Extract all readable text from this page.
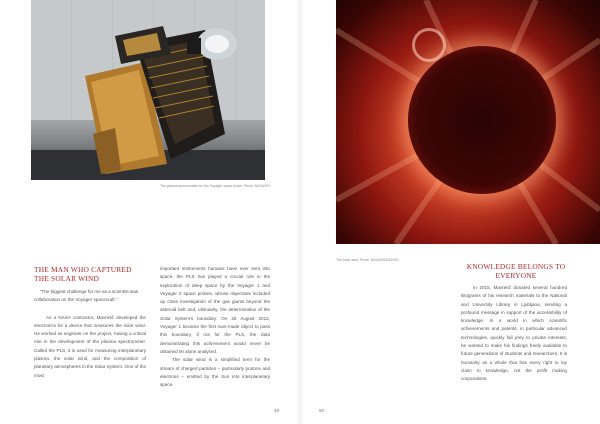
The plasma spectrometer for the Voyager space probe. Photo: NASA/JPL
The solar wind. Photo: NASA/ESA/SOHO
THE MAN WHO CAPTURED THE SOLAR WIND

“The biggest challenge for me as a scientist was collaboration on the Voyager spacecraft.”

As a NASA contractor, Mavretič developed the electronics for a device that measures the solar wind. He worked as engineer on the project, having a critical role in the development of the plasma spectrometer. Called the PLS, it is used for measuring interplanetary plasma, the solar wind, and the composition of planetary atmospheres in the Solar System. One of the most

important instruments humans have ever sent into space, the PLS has played a crucial role in the exploration of deep space by the Voyager 1 and Voyager 2 space probes, whose objectives included up close investigation of the gas giants beyond the asteroid belt and, ultimately, the determination of the Solar System's boundary. On 25 August 2012, Voyager 1 became the first man-made object to pass this boundary, if not for the PLS, the data demonstrating this achievement would never be obtained let alone analysed.

The solar wind is a simplified term for the stream of charged particles – particularly protons and electrons – emitted by the Sun into interplanetary space.

49
KNOWLEDGE BELONGS TO EVERYONE

In 2015, Mavretič donated several hundred kilograms of his research materials to the National and University Library in Ljubljana, sending a profound message in support of the accessibility of knowledge. In a world in which scientific achievements and patents, in particular advanced technologies, quickly fall prey to private interests, he wanted to make his findings freely available to future generations of students and researchers. It is humanity as a whole that has every right to lay claim to knowledge, not the profit making corporations.

50
